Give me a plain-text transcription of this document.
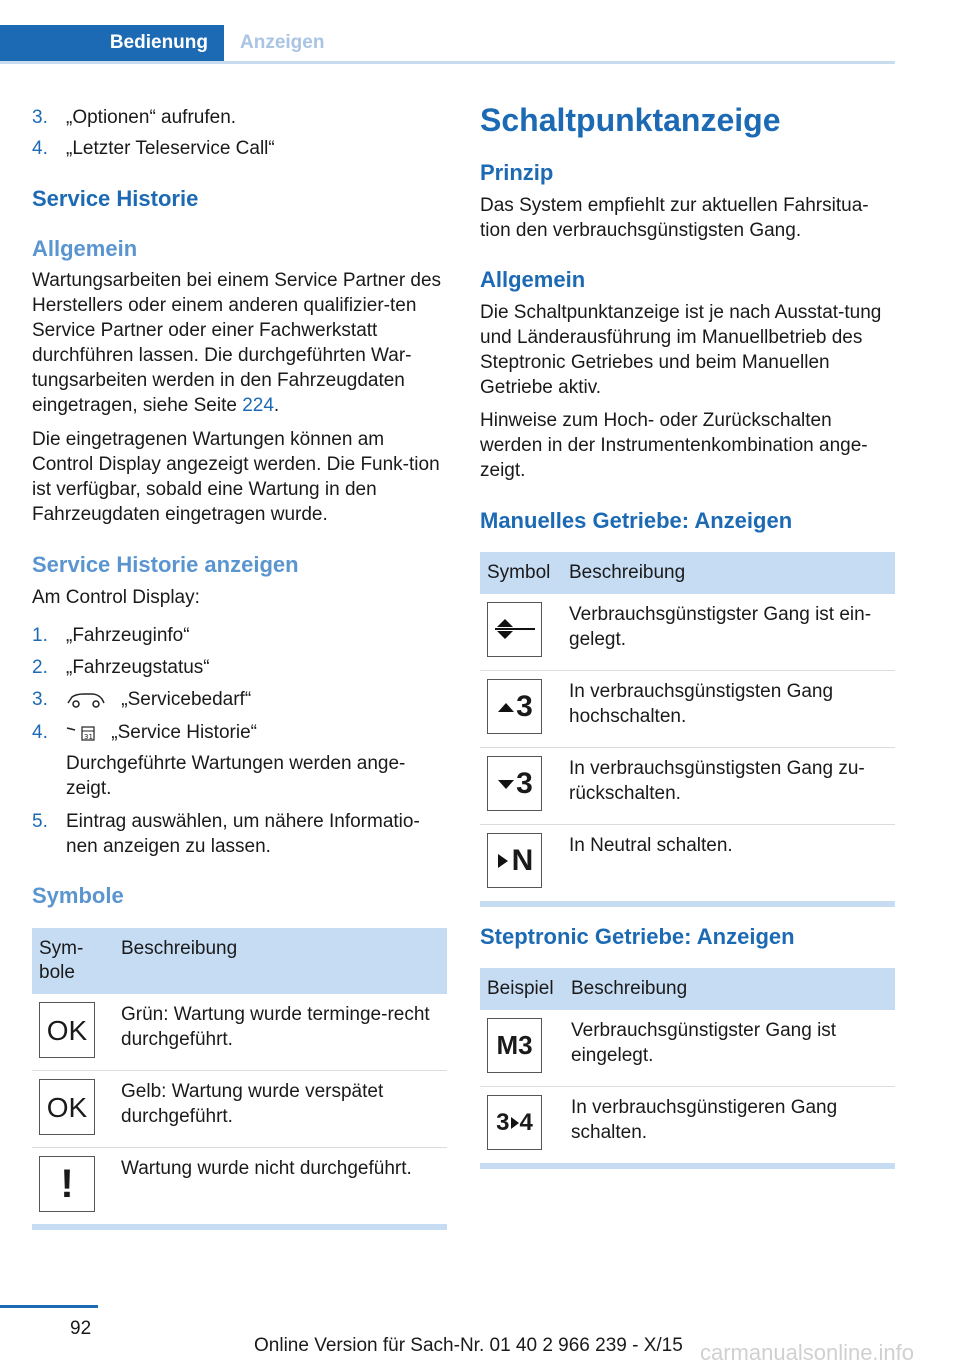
Bedienung	Anzeigen
3. „Optionen“ aufrufen.
4. „Letzter Teleservice Call“
Service Historie
Allgemein
Wartungsarbeiten bei einem Service Partner des Herstellers oder einem anderen qualifizier-ten Service Partner oder einer Fachwerkstatt durchführen lassen. Die durchgeführten War-tungsarbeiten werden in den Fahrzeugdaten eingetragen, siehe Seite 224.
Die eingetragenen Wartungen können am Control Display angezeigt werden. Die Funk-tion ist verfügbar, sobald eine Wartung in den Fahrzeugdaten eingetragen wurde.
Service Historie anzeigen
Am Control Display:
1. „Fahrzeuginfo“
2. „Fahrzeugstatus“
3.	„Servicebedarf“
4.	31 „Service Historie“
Durchgeführte Wartungen werden ange-zeigt.
5. Eintrag auswählen, um nähere Informatio-nen anzeigen zu lassen.
Symbole
Sym-bole	Beschreibung

OK	Grün: Wartung wurde terminge-recht durchgeführt.

OK	Gelb: Wartung wurde verspätet durchgeführt.

!	Wartung wurde nicht durchgeführt.
Schaltpunktanzeige
Prinzip
Das System empfiehlt zur aktuellen Fahrsitua-tion den verbrauchsgünstigsten Gang.
Allgemein
Die Schaltpunktanzeige ist je nach Ausstat-tung und Länderausführung im Manuellbetrieb des Steptronic Getriebes und beim Manuellen Getriebe aktiv.
Hinweise zum Hoch- oder Zurückschalten werden in der Instrumentenkombination ange-zeigt.
Manuelles Getriebe: Anzeigen
Symbol	Beschreibung

	Verbrauchsgünstigster Gang ist ein-gelegt.

3	In verbrauchsgünstigsten Gang hochschalten.

3	In verbrauchsgünstigsten Gang zu-rückschalten.

N	In Neutral schalten.
Steptronic Getriebe: Anzeigen
Beispiel	Beschreibung

M3	Verbrauchsgünstigster Gang ist eingelegt.

3 4	In verbrauchsgünstigeren Gang schalten.
92
Online Version für Sach-Nr. 01 40 2 966 239 - X/15 carmanualsonline.info
